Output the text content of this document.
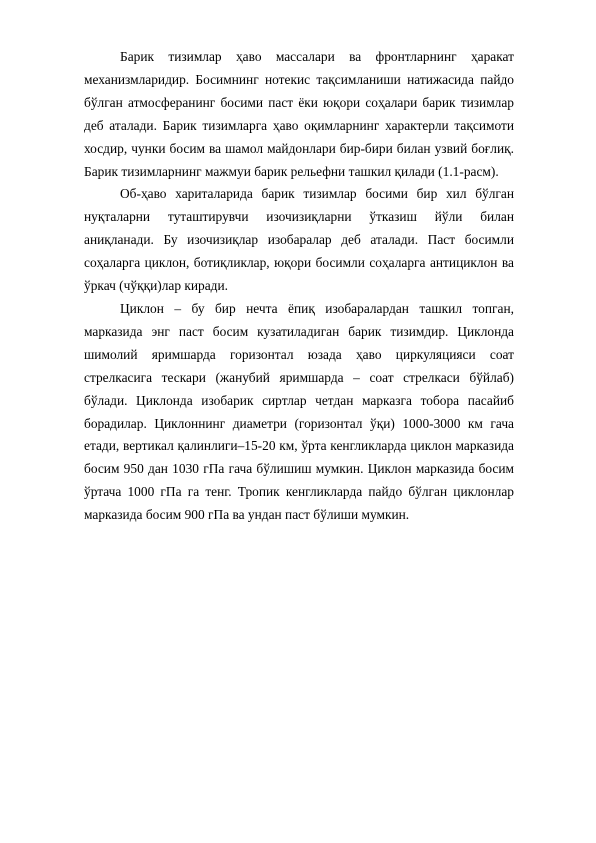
Барик тизимлар ҳаво массалари ва фронтларнинг ҳаракат механизмларидир. Босимнинг нотекис тақсимланиши натижасида пайдо бўлган атмосферанинг босими паст ёки юқори соҳалари барик тизимлар деб аталади. Барик тизимларга ҳаво оқимларнинг характерли тақсимоти хосдир, чунки босим ва шамол майдонлари бир-бири билан узвий боғлиқ. Барик тизимларнинг мажмуи барик рельефни ташкил қилади (1.1-расм).

Об-ҳаво хариталарида барик тизимлар босими бир хил бўлган нуқталарни туташтирувчи изочизиқларни ўтказиш йўли билан аниқланади. Бу изочизиқлар изобаралар деб аталади. Паст босимли соҳаларга циклон, ботиқликлар, юқори босимли соҳаларга антициклон ва ўркач (чўққи)лар киради.

Циклон – бу бир нечта ёпиқ изобаралардан ташкил топган, марказида энг паст босим кузатиладиган барик тизимдир. Циклонда шимолий яримшарда горизонтал юзада ҳаво циркуляцияси соат стрелкасига тескари (жанубий яримшарда – соат стрелкаси бўйлаб) бўлади. Циклонда изобарик сиртлар четдан марказга тобора пасайиб борадилар. Циклоннинг диаметри (горизонтал ўқи) 1000-3000 км гача етади, вертикал қалинлиги–15-20 км, ўрта кенгликларда циклон марказида босим 950 дан 1030 гПа гача бўлишиш мумкин. Циклон марказида босим ўртача 1000 гПа га тенг. Тропик кенгликларда пайдо бўлган циклонлар марказида босим 900 гПа ва ундан паст бўлиши мумкин.
